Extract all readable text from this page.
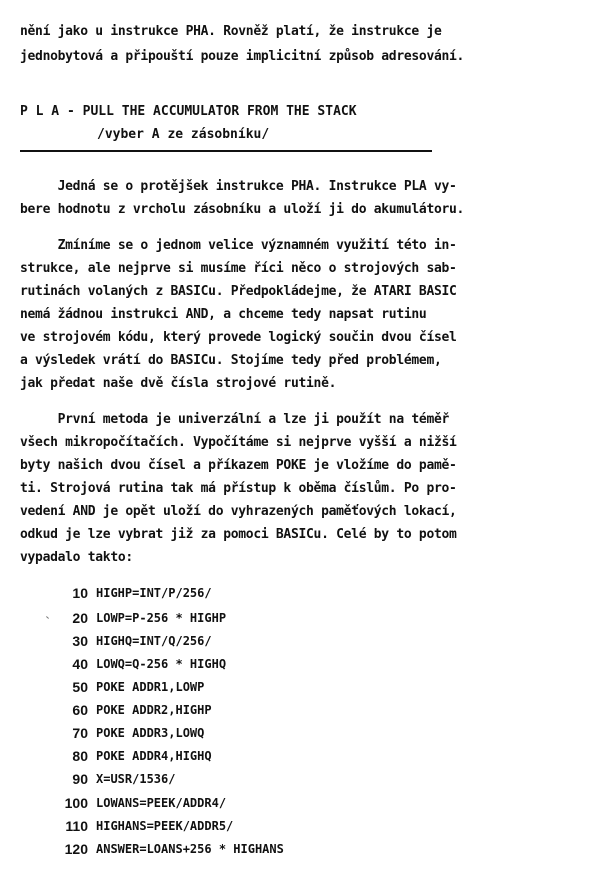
nění jako u instrukce PHA. Rovněž platí, že instrukce je
jednobytová a připouští pouze implicitní způsob adresování.
P L A - PULL THE ACCUMULATOR FROM THE STACK
/vyber A ze zásobníku/
Jedná se o protějšek instrukce PHA. Instrukce PLA vy-
bere hodnotu z vrcholu zásobníku a uloží ji do akumulátoru.
Zmíníme se o jednom velice významném využití této in-
strukce, ale nejprve si musíme říci něco o strojových sab-
rutinách volaných z BASICu. Předpokládejme, že ATARI BASIC
nemá žádnou instrukci AND, a chceme tedy napsat rutinu
ve strojovém kódu, který provede logický součin dvou čísel
a výsledek vrátí do BASICu. Stojíme tedy před problémem,
jak předat naše dvě čísla strojové rutině.
První metoda je univerzální a lze ji použít na téměř
všech mikropočítačích. Vypočítáme si nejprve vyšší a nižší
byty našich dvou čísel a příkazem POKE je vložíme do pamě-
ti. Strojová rutina tak má přístup k oběma číslům. Po pro-
vedení AND je opět uloží do vyhrazených paměťových lokací,
odkud je lze vybrat již za pomoci BASICu. Celé by to potom
vypadalo takto:
10 HIGHP=INT/P/256/
20 LOWP=P-256 * HIGHP
30 HIGHQ=INT/Q/256/
40 LOWQ=Q-256 * HIGHQ
50 POKE ADDR1,LOWP
60 POKE ADDR2,HIGHP
70 POKE ADDR3,LOWQ
80 POKE ADDR4,HIGHQ
90 X=USR/1536/
100 LOWANS=PEEK/ADDR4/
110 HIGHANS=PEEK/ADDR5/
120 ANSWER=LOANS+256 * HIGHANS
